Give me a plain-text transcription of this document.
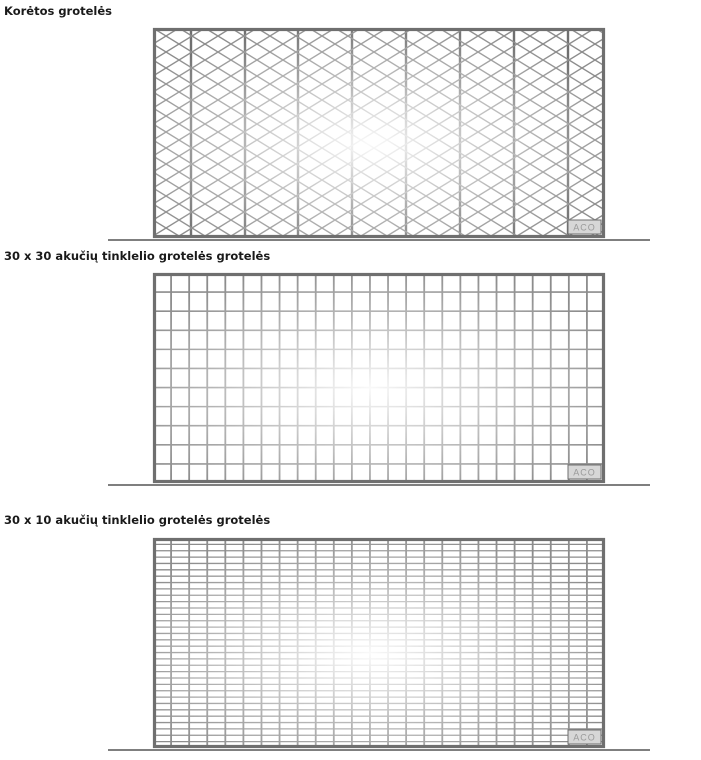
Korėtos grotelės
ACO
30 x 30 akučių tinklelio grotelės grotelės
ACO
30 x 10 akučių tinklelio grotelės grotelės
ACO
